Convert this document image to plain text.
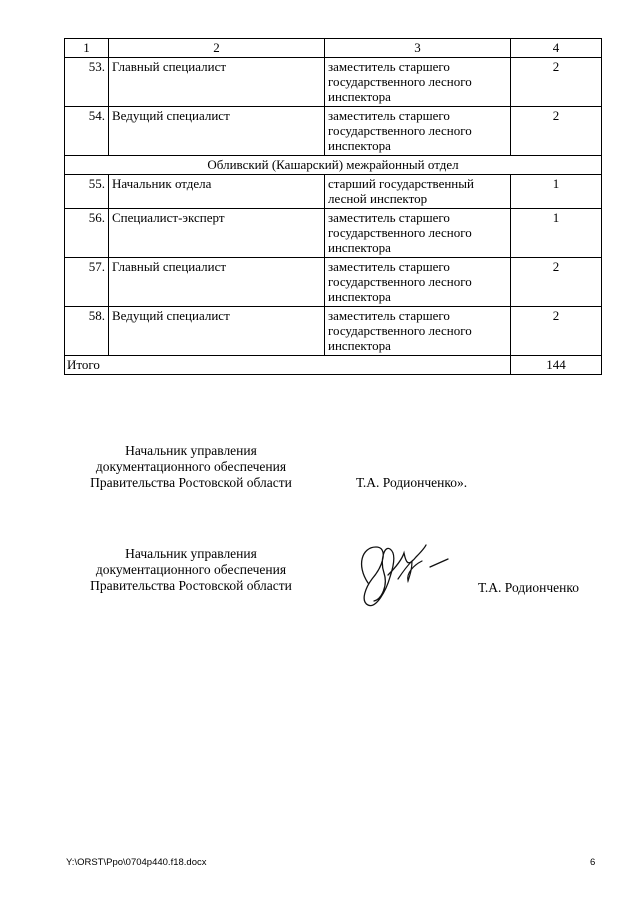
1	2	3	4
53.	Главный специалист	заместитель старшего государственного лесного инспектора	2
54.	Ведущий специалист	заместитель старшего государственного лесного инспектора	2
Обливский (Кашарский) межрайонный отдел			
55.	Начальник отдела	старший государственный лесной инспектор	1
56.	Специалист-эксперт	заместитель старшего государственного лесного инспектора	1
57.	Главный специалист	заместитель старшего государственного лесного инспектора	2
58.	Ведущий специалист	заместитель старшего государственного лесного инспектора	2
Итого			144
Начальник управления
документационного обеспечения
Правительства Ростовской области	Т.А. Родионченко».
Начальник управления
документационного обеспечения
Правительства Ростовской области	Т.А. Родионченко
Y:\ORST\Ppo\0704p440.f18.docx	6
